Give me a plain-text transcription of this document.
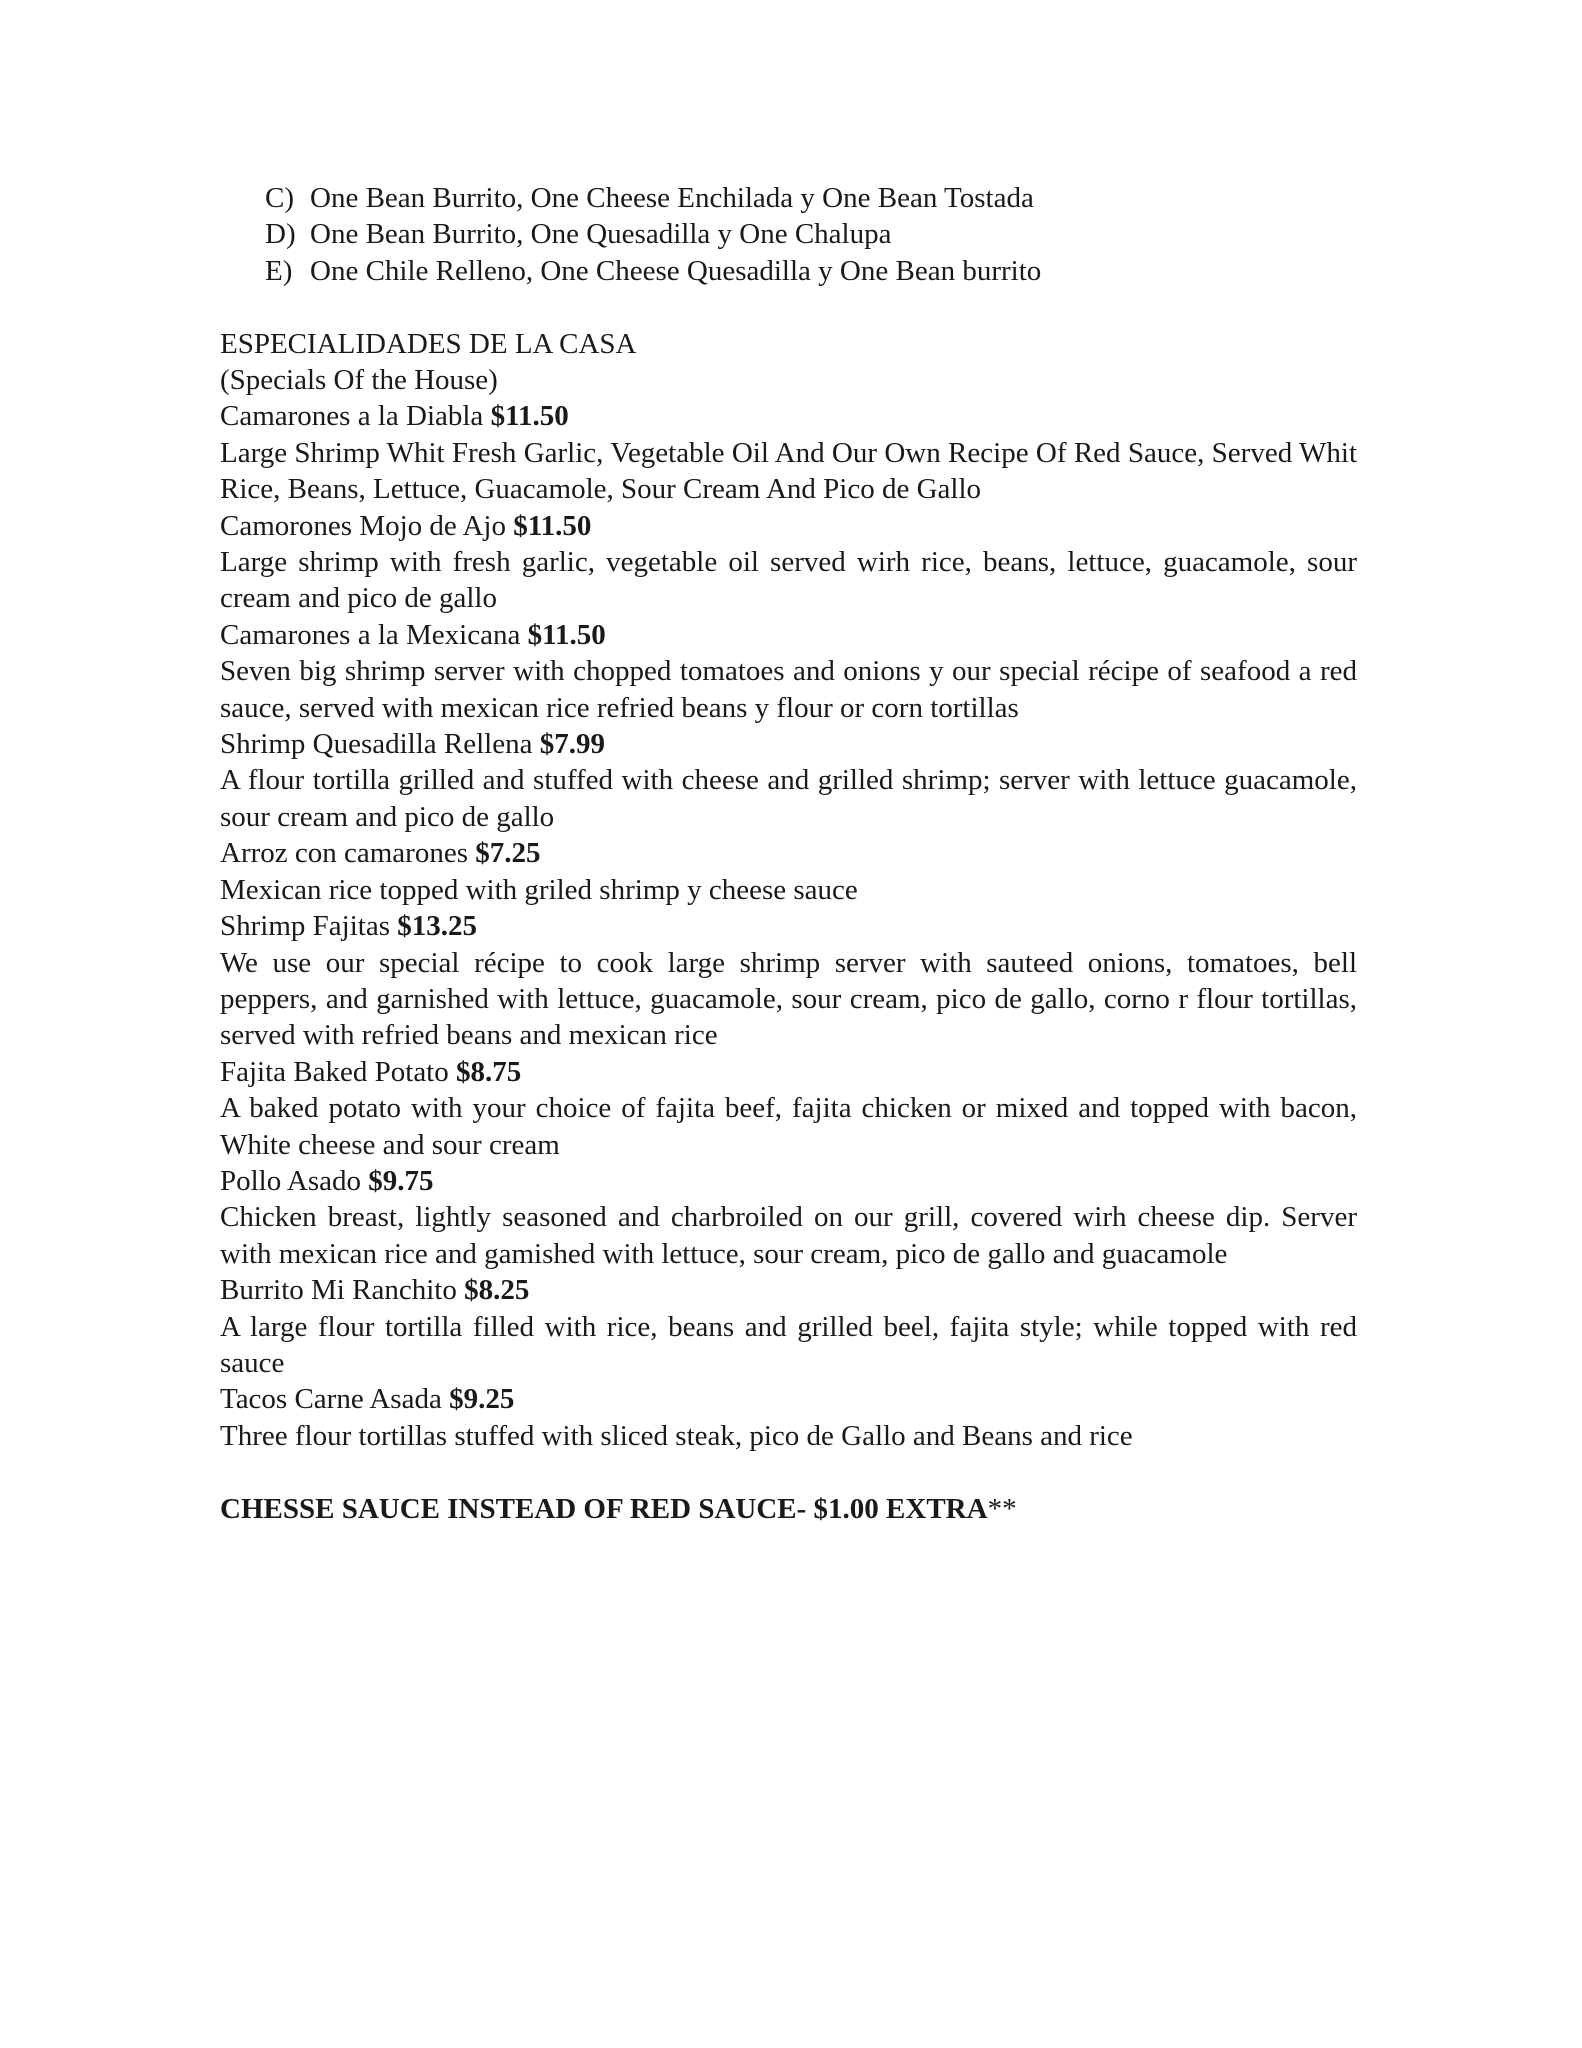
C) One Bean Burrito, One Cheese Enchilada y One Bean Tostada
D) One Bean Burrito, One Quesadilla y One Chalupa
E) One Chile Relleno, One Cheese Quesadilla y One Bean burrito
ESPECIALIDADES DE LA CASA
(Specials Of the House)
Camarones a la Diabla $11.50
Large Shrimp Whit Fresh Garlic, Vegetable Oil And Our Own Recipe Of Red Sauce, Served Whit Rice, Beans, Lettuce, Guacamole, Sour Cream And Pico de Gallo
Camorones Mojo de Ajo $11.50
Large shrimp with fresh garlic, vegetable oil served wirh rice, beans, lettuce, guacamole, sour cream and pico de gallo
Camarones a la Mexicana $11.50
Seven big shrimp server with chopped tomatoes and onions y our special récipe of seafood a red sauce, served with mexican rice refried beans y flour or corn tortillas
Shrimp Quesadilla Rellena $7.99
A flour tortilla grilled and stuffed with cheese and grilled shrimp; server with lettuce guacamole, sour cream and pico de gallo
Arroz con camarones $7.25
Mexican rice topped with griled shrimp y cheese sauce
Shrimp Fajitas $13.25
We use our special récipe to cook large shrimp server with sauteed onions, tomatoes, bell peppers, and garnished with lettuce, guacamole, sour cream, pico de gallo, corno r flour tortillas, served with refried beans and mexican rice
Fajita Baked Potato $8.75
A baked potato with your choice of fajita beef, fajita chicken or mixed and topped with bacon, White cheese and sour cream
Pollo Asado $9.75
Chicken breast, lightly seasoned and charbroiled on our grill, covered wirh cheese dip. Server with mexican rice and gamished with lettuce, sour cream, pico de gallo and guacamole
Burrito Mi Ranchito $8.25
A large flour tortilla filled with rice, beans and grilled beel, fajita style; while topped with red sauce
Tacos Carne Asada $9.25
Three flour tortillas stuffed with sliced steak, pico de Gallo and Beans and rice
CHESSE SAUCE INSTEAD OF RED SAUCE- $1.00 EXTRA**
